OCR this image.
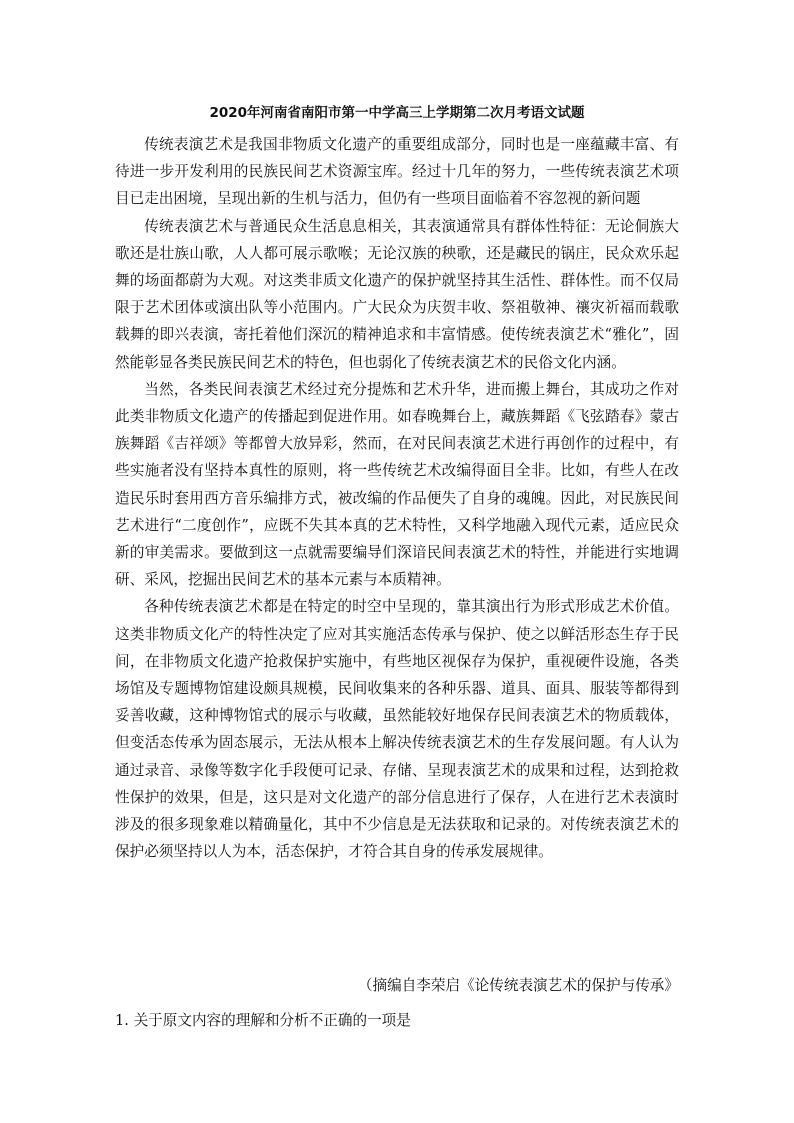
2020年河南省南阳市第一中学高三上学期第二次月考语文试题

传统表演艺术是我国非物质文化遗产的重要组成部分，同时也是一座蕴藏丰富、有待进一步开发利用的民族民间艺术资源宝库。经过十几年的努力，一些传统表演艺术项目已走出困境，呈现出新的生机与活力，但仍有一些项目面临着不容忽视的新问题

传统表演艺术与普通民众生活息息相关，其表演通常具有群体性特征：无论侗族大歌还是壮族山歌，人人都可展示歌喉；无论汉族的秧歌，还是藏民的锅庄，民众欢乐起舞的场面都蔚为大观。对这类非质文化遗产的保护就坚持其生活性、群体性。而不仅局限于艺术团体或演出队等小范围内。广大民众为庆贺丰收、祭祖敬神、禳灾祈福而载歌载舞的即兴表演，寄托着他们深沉的精神追求和丰富情感。使传统表演艺术“雅化”，固然能彰显各类民族民间艺术的特色，但也弱化了传统表演艺术的民俗文化内涵。

当然，各类民间表演艺术经过充分提炼和艺术升华，进而搬上舞台，其成功之作对此类非物质文化遗产的传播起到促进作用。如春晚舞台上，藏族舞蹈《飞弦踏春》蒙古族舞蹈《吉祥颂》等都曾大放异彩，然而，在对民间表演艺术进行再创作的过程中，有些实施者没有坚持本真性的原则，将一些传统艺术改编得面目全非。比如，有些人在改造民乐时套用西方音乐编排方式，被改编的作品便失了自身的魂魄。因此，对民族民间艺术进行“二度创作”，应既不失其本真的艺术特性，又科学地融入现代元素，适应民众新的审美需求。要做到这一点就需要编导们深谙民间表演艺术的特性，并能进行实地调研、采风，挖掘出民间艺术的基本元素与本质精神。

各种传统表演艺术都是在特定的时空中呈现的，靠其演出行为形式形成艺术价值。这类非物质文化产的特性决定了应对其实施活态传承与保护、使之以鲜活形态生存于民间，在非物质文化遗产抢救保护实施中，有些地区视保存为保护，重视硬件设施，各类场馆及专题博物馆建设颇具规模，民间收集来的各种乐器、道具、面具、服装等都得到妥善收藏，这种博物馆式的展示与收藏，虽然能较好地保存民间表演艺术的物质载体，但变活态传承为固态展示，无法从根本上解决传统表演艺术的生存发展问题。有人认为通过录音、录像等数字化手段便可记录、存储、呈现表演艺术的成果和过程，达到抢救性保护的效果，但是，这只是对文化遗产的部分信息进行了保存，人在进行艺术表演时涉及的很多现象难以精确量化，其中不少信息是无法获取和记录的。对传统表演艺术的保护必须坚持以人为本，活态保护，才符合其自身的传承发展规律。

（摘编自李荣启《论传统表演艺术的保护与传承》
1. 关于原文内容的理解和分析不正确的一项是
